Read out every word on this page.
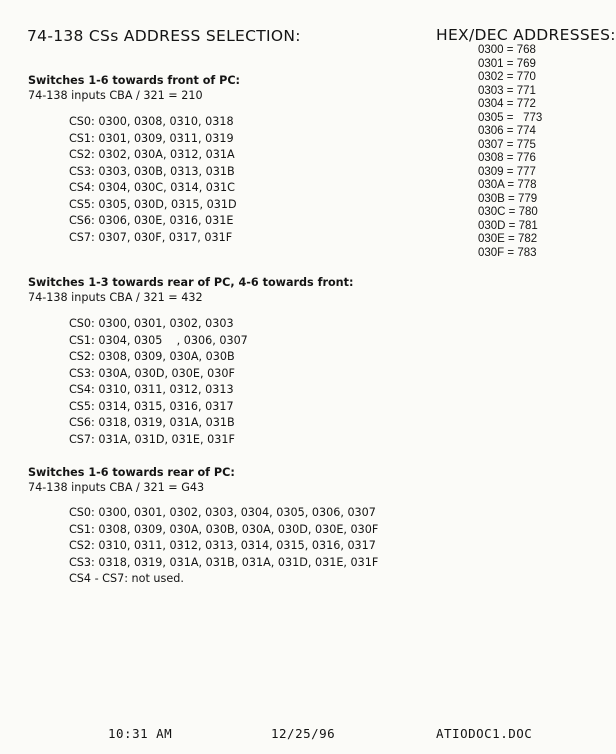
74-138 CSs ADDRESS SELECTION:	HEX/DEC ADDRESSES:
0300 = 768
0301 = 769
0302 = 770
0303 = 771
0304 = 772
0305 =   773
0306 = 774
0307 = 775
0308 = 776
0309 = 777
030A = 778
030B = 779
030C = 780
030D = 781
030E = 782
030F = 783
Switches 1-6 towards front of PC:
74-138 inputs CBA / 321 = 210
CS0: 0300, 0308, 0310, 0318
CS1: 0301, 0309, 0311, 0319
CS2: 0302, 030A, 0312, 031A
CS3: 0303, 030B, 0313, 031B
CS4: 0304, 030C, 0314, 031C
CS5: 0305, 030D, 0315, 031D
CS6: 0306, 030E, 0316, 031E
CS7: 0307, 030F, 0317, 031F
Switches 1-3 towards rear of PC, 4-6 towards front:
74-138 inputs CBA / 321 = 432
CS0: 0300, 0301, 0302, 0303
CS1: 0304, 0305    , 0306, 0307
CS2: 0308, 0309, 030A, 030B
CS3: 030A, 030D, 030E, 030F
CS4: 0310, 0311, 0312, 0313
CS5: 0314, 0315, 0316, 0317
CS6: 0318, 0319, 031A, 031B
CS7: 031A, 031D, 031E, 031F
Switches 1-6 towards rear of PC:
74-138 inputs CBA / 321 = G43
CS0: 0300, 0301, 0302, 0303, 0304, 0305, 0306, 0307
CS1: 0308, 0309, 030A, 030B, 030A, 030D, 030E, 030F
CS2: 0310, 0311, 0312, 0313, 0314, 0315, 0316, 0317
CS3: 0318, 0319, 031A, 031B, 031A, 031D, 031E, 031F
CS4 - CS7: not used.
10:31 AM	12/25/96	ATIODOC1.DOC
